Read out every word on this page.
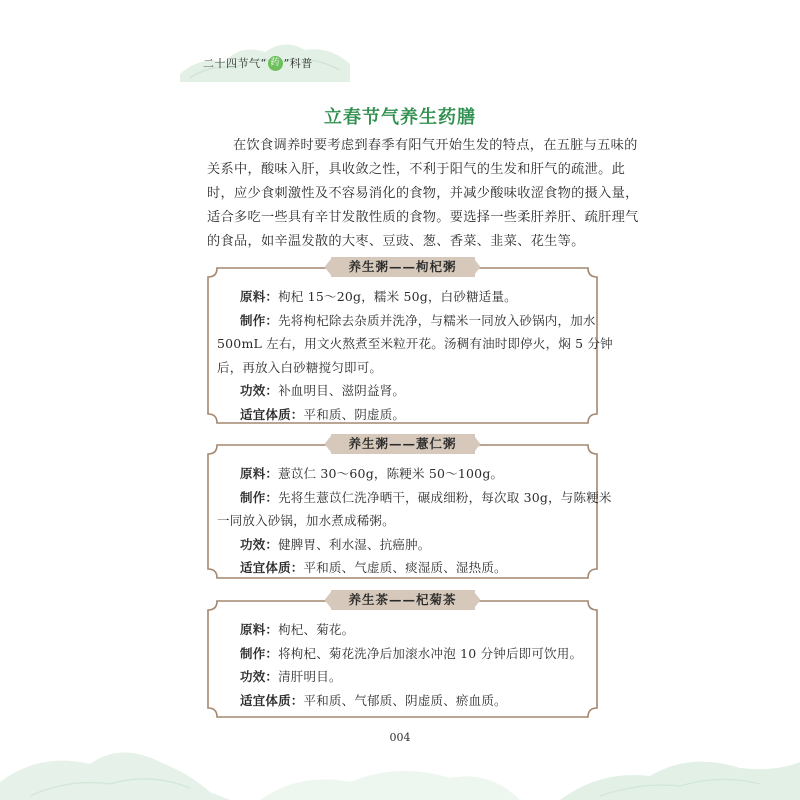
二十四节气“ 药 ”科普
立春节气养生药膳
在饮食调养时要考虑到春季有阳气开始生发的特点，在五脏与五味的
关系中，酸味入肝，具收敛之性，不利于阳气的生发和肝气的疏泄。此
时，应少食刺激性及不容易消化的食物，并减少酸味收涩食物的摄入量，
适合多吃一些具有辛甘发散性质的食物。要选择一些柔肝养肝、疏肝理气
的食品，如辛温发散的大枣、豆豉、葱、香菜、韭菜、花生等。
养生粥——枸杞粥
原料：枸杞 15～20g，糯米 50g，白砂糖适量。
制作：先将枸杞除去杂质并洗净，与糯米一同放入砂锅内，加水
500mL 左右，用文火熬煮至米粒开花。汤稠有油时即停火，焖 5 分钟
后，再放入白砂糖搅匀即可。
功效：补血明目、滋阴益肾。
适宜体质：平和质、阴虚质。
养生粥——薏仁粥
原料：薏苡仁 30～60g，陈粳米 50～100g。
制作：先将生薏苡仁洗净晒干，碾成细粉，每次取 30g，与陈粳米
一同放入砂锅，加水煮成稀粥。
功效：健脾胃、利水湿、抗癌肿。
适宜体质：平和质、气虚质、痰湿质、湿热质。
养生茶——杞菊茶
原料：枸杞、菊花。
制作：将枸杞、菊花洗净后加滚水冲泡 10 分钟后即可饮用。
功效：清肝明目。
适宜体质：平和质、气郁质、阴虚质、瘀血质。
004
